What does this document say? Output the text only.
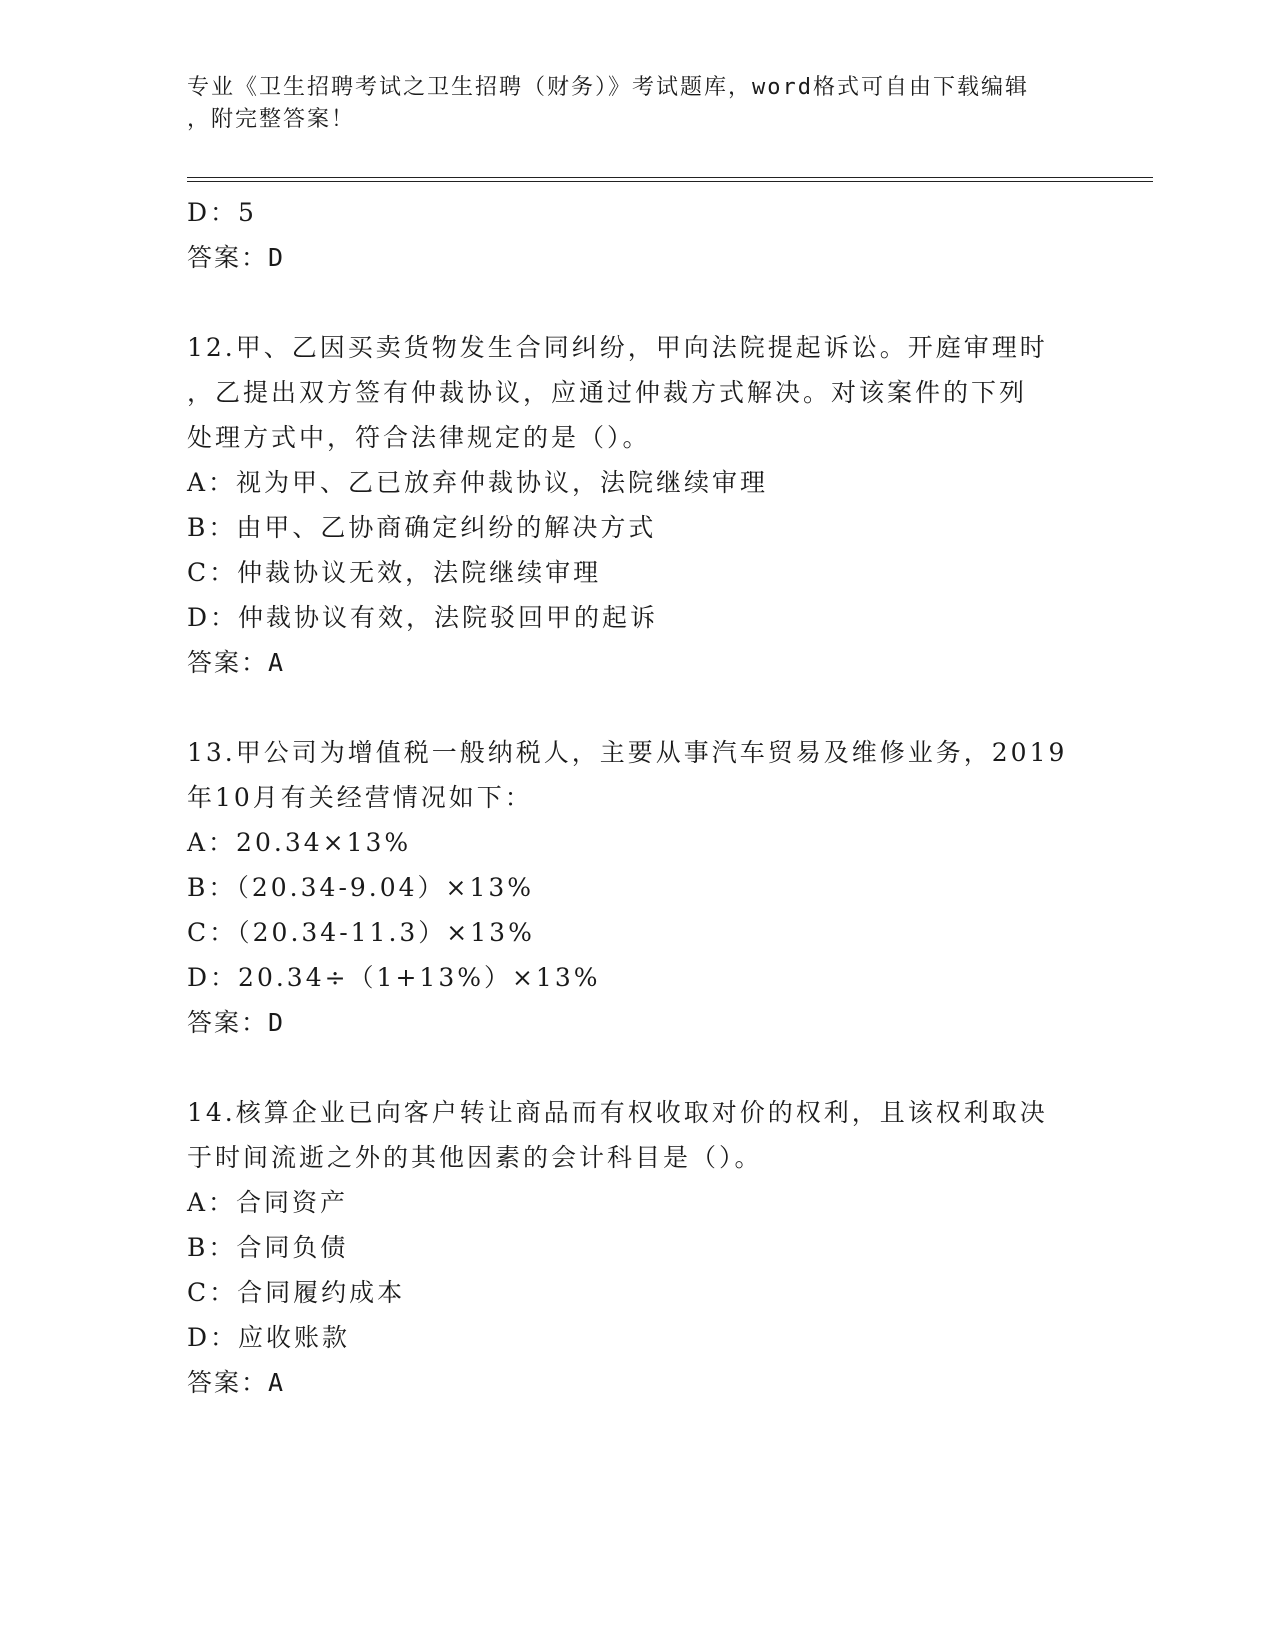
专业《卫生招聘考试之卫生招聘（财务）》考试题库，word格式可自由下载编辑
，附完整答案！
D：5
答案：D
12.甲、乙因买卖货物发生合同纠纷，甲向法院提起诉讼。开庭审理时
，乙提出双方签有仲裁协议，应通过仲裁方式解决。对该案件的下列
处理方式中，符合法律规定的是（）。
A：视为甲、乙已放弃仲裁协议，法院继续审理
B：由甲、乙协商确定纠纷的解决方式
C：仲裁协议无效，法院继续审理
D：仲裁协议有效，法院驳回甲的起诉
答案：A
13.甲公司为增值税一般纳税人，主要从事汽车贸易及维修业务，2019
年10月有关经营情况如下：
A：20.34×13%
B：（20.34-9.04）×13%
C：（20.34-11.3）×13%
D：20.34÷（1+13%）×13%
答案：D
14.核算企业已向客户转让商品而有权收取对价的权利，且该权利取决
于时间流逝之外的其他因素的会计科目是（）。
A：合同资产
B：合同负债
C：合同履约成本
D：应收账款
答案：A
